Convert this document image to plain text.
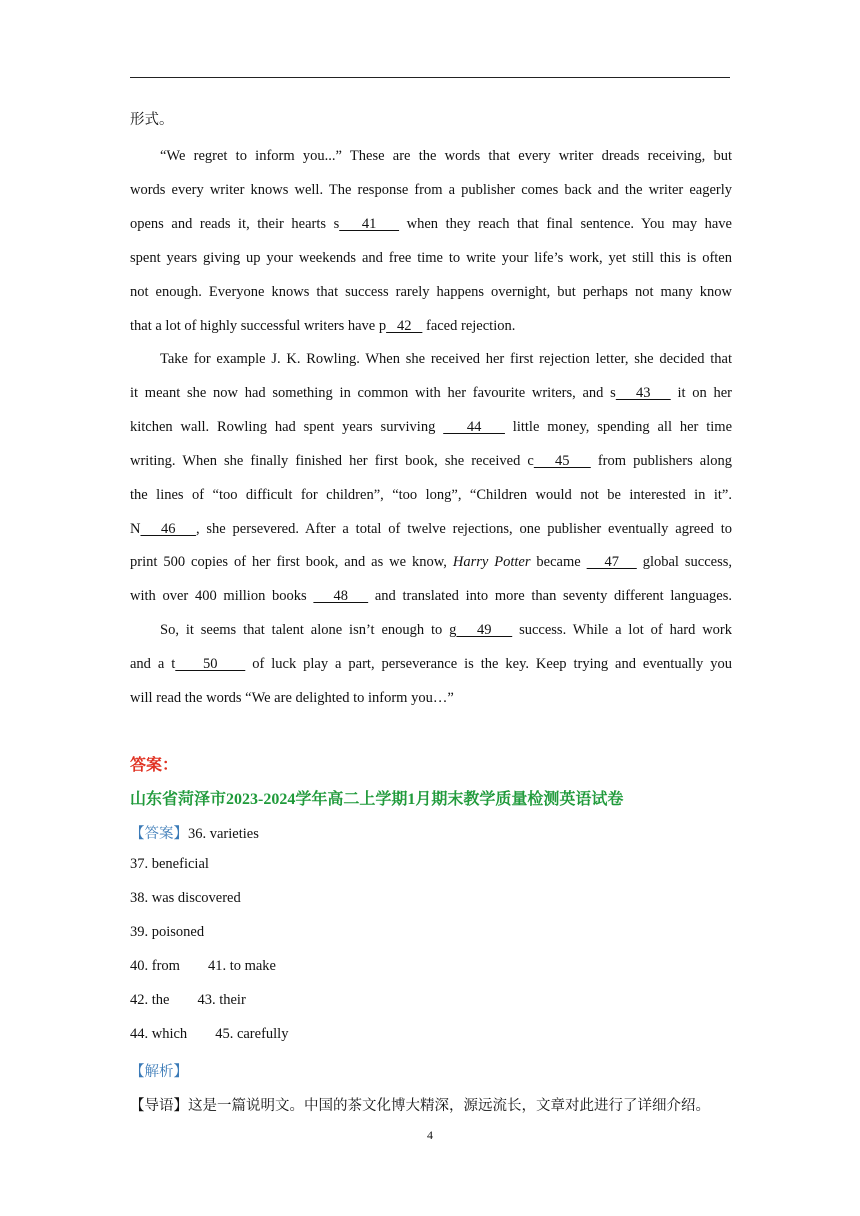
形式。
“We regret to inform you...” These are the words that every writer dreads receiving, but
words every writer knows well. The response from a publisher comes back and the writer eagerly
opens and reads it, their hearts s   41    when they reach that final sentence. You may have
spent years giving up your weekends and free time to write your life’s work, yet still this is often
not enough. Everyone knows that success rarely happens overnight, but perhaps not many know
that a lot of highly successful writers have p   42    faced rejection.
Take for example J. K. Rowling. When she received her first rejection letter, she decided that
it meant she now had something in common with her favourite writers, and s   43    it on her
kitchen wall. Rowling had spent years surviving    44    little money, spending all her time
writing. When she finally finished her first book, she received c   45    from publishers along
the lines of “too difficult for children”, “too long”, “Children would not be interested in it”.
N   46   , she persevered. After a total of twelve rejections, one publisher eventually agreed to
print 500 copies of her first book, and as we know, Harry Potter became    47    global success,
with over 400 million books    48    and translated into more than seventy different languages.
So, it seems that talent alone isn’t enough to g   49    success. While a lot of hard work
and a t    50     of luck play a part, perseverance is the key. Keep trying and eventually you
will read the words “We are delighted to inform you…”
答案：
山东省菏泽市2023-2024学年高二上学期1月期末教学质量检测英语试卷
【答案】36. varieties
37. beneficial
38. was discovered
39. poisoned
40. from 41. to make
42. the 43. their
44. which 45. carefully
【解析】
【导语】这是一篇说明文。中国的茶文化博大精深，源远流长，文章对此进行了详细介绍。
4
